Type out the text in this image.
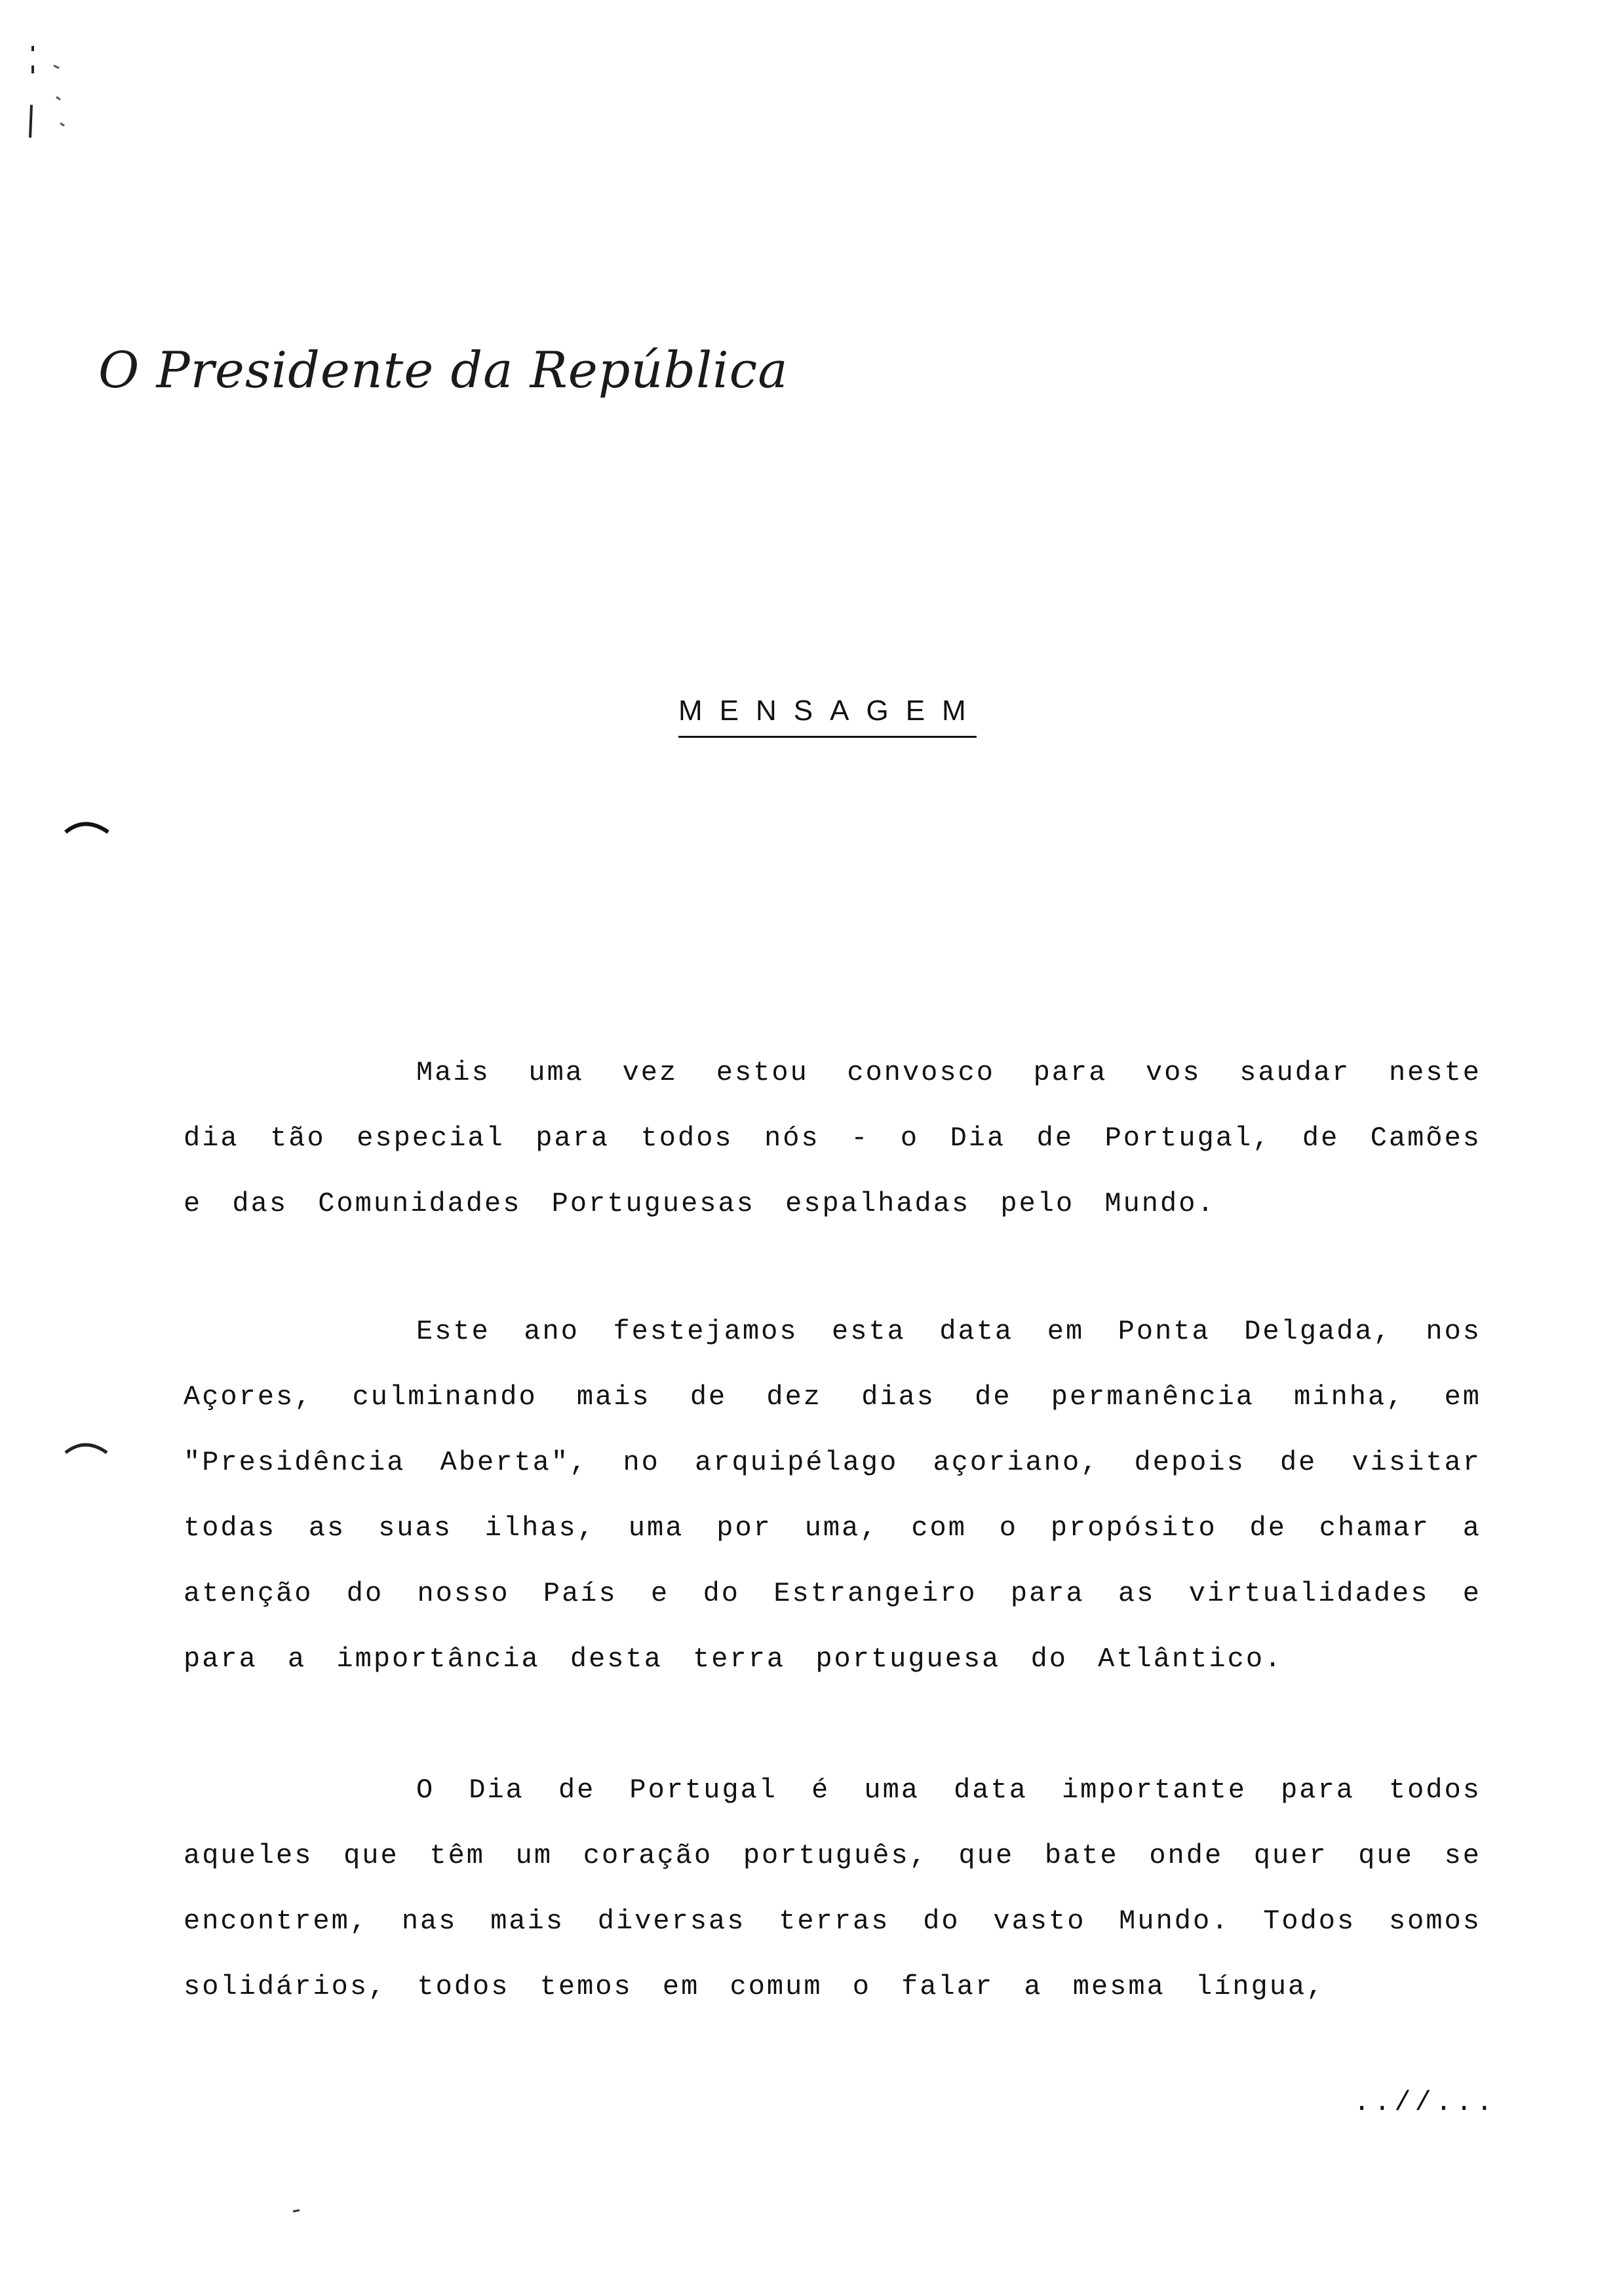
O Presidente da República
MENSAGEM

Mais uma vez estou convosco para vos saudar neste dia tão especial para todos nós - o Dia de Portugal, de Camões e das Comunidades Portuguesas espalhadas pelo Mundo.

Este ano festejamos esta data em Ponta Delgada, nos Açores, culminando mais de dez dias de permanência minha, em "Presidência Aberta", no arquipélago açoriano, depois de visitar todas as suas ilhas, uma por uma, com o propósito de chamar a atenção do nosso País e do Estrangeiro para as virtualidades e para a importância desta terra portuguesa do Atlântico.

O Dia de Portugal é uma data importante para todos aqueles que têm um coração português, que bate onde quer que se encontrem, nas mais diversas terras do vasto Mundo. Todos somos solidários, todos temos em comum o falar a mesma língua,

..//...
